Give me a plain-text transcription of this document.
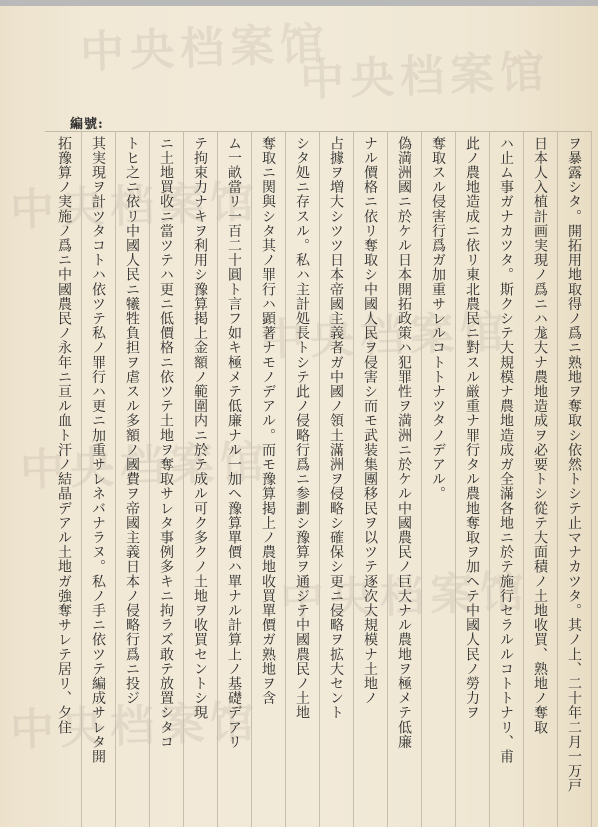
中央档案馆
中央档案馆
中央档案馆
中央档案馆
中央档案馆
中央档案馆
中央档案馆
編號:
ヲ暴露シタ。開拓用地取得ノ爲ニ熟地ヲ奪取シ依然トシテ止マナカツタ。其ノ上、二十年二月一万戸
日本人入植計画実現ノ爲ニハ尨大ナ農地造成ヲ必要トシ從テ大面積ノ土地收買、熟地ノ奪取
ハ止ム事ガナカツタ。斯クシテ大規模ナ農地造成ガ全滿各地ニ於テ施行セラルルコトトナリ、甫
此ノ農地造成ニ依リ東北農民ニ對スル厳重ナ罪行タル農地奪取ヲ加ヘテ中國人民ノ勞力ヲ
奪取スル侵害行爲ガ加重サレルコトトナツタノデアル。
偽満洲國ニ於ケル日本開拓政策ハ犯罪性ヲ満洲ニ於ケル中國農民ノ巨大ナル農地ヲ極メテ低廉
ナル價格ニ依リ奪取シ中國人民ヲ侵害シ而モ武装集團移民ヲ以ツテ逐次大規模ナ土地ノ
占據ヲ増大シツツ日本帝國主義者ガ中國ノ領土滿洲ヲ侵略シ確保シ更ニ侵略ヲ拡大セント
シタ処ニ存スル。私ハ主計処長トシテ此ノ侵略行爲ニ参劃シ豫算ヲ通ジテ中國農民ノ土地
奪取ニ関與シタ其ノ罪行ハ顕著ナモノデアル。而モ豫算掲上ノ農地收買單價ガ熟地ヲ含
ム一畝當リ一百二十圓ト言フ如キ極メテ低廉ナル一加ヘ豫算單價ハ單ナル計算上ノ基礎デアリ
テ拘束力ナキヲ利用シ豫算掲上金額ノ範圍内ニ於テ成ル可ク多クノ土地ヲ收買セントシ現
ニ土地買收ニ當ツテハ更ニ低價格ニ依ツテ土地ヲ奪取サレタ事例多キニ拘ラズ敢テ放置シタコ
トヒ之ニ依リ中國人民ニ犧牲負担ヲ虐スル多額ノ國費ヲ帝國主義日本ノ侵略行爲ニ投ジ
其実現ヲ計ツタコトハ依ツテ私ノ罪行ハ更ニ加重サレネバナラヌ。私ノ手ニ依ツテ編成サレタ開
拓豫算ノ実施ノ爲ニ中國農民ノ永年ニ亘ル血ト汗ノ結晶デアル土地ガ強奪サレテ居リ、夕住
